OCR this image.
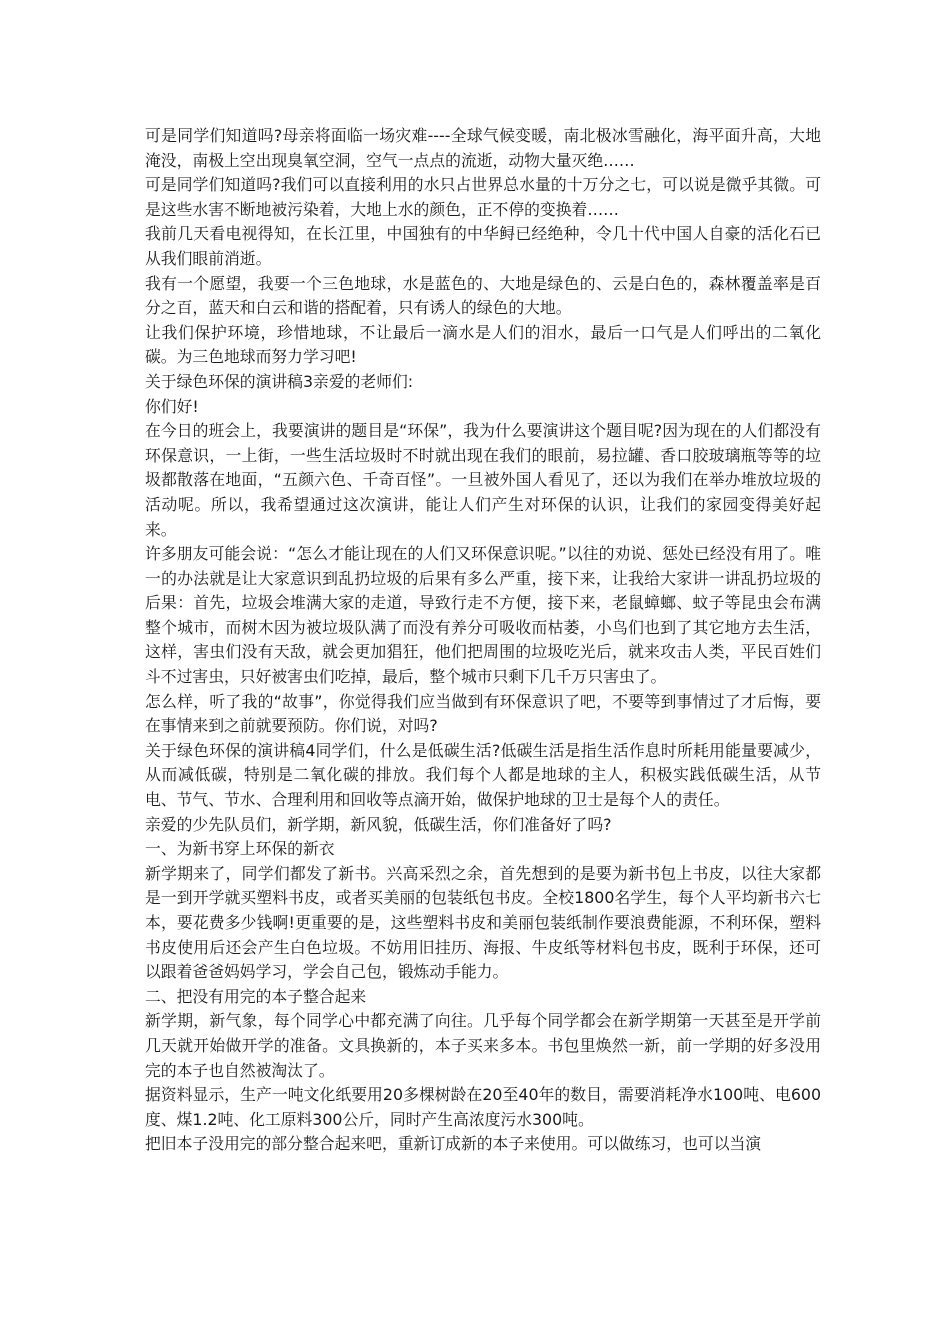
可是同学们知道吗?母亲将面临一场灾难----全球气候变暖，南北极冰雪融化，海平面升高，大地淹没，南极上空出现臭氧空洞，空气一点点的流逝，动物大量灭绝……

可是同学们知道吗?我们可以直接利用的水只占世界总水量的十万分之七，可以说是微乎其微。可是这些水害不断地被污染着，大地上水的颜色，正不停的变换着……

我前几天看电视得知，在长江里，中国独有的中华鲟已经绝种，令几十代中国人自豪的活化石已从我们眼前消逝。

我有一个愿望，我要一个三色地球，水是蓝色的、大地是绿色的、云是白色的，森林覆盖率是百分之百，蓝天和白云和谐的搭配着，只有诱人的绿色的大地。

让我们保护环境，珍惜地球，不让最后一滴水是人们的泪水，最后一口气是人们呼出的二氧化碳。为三色地球而努力学习吧!

关于绿色环保的演讲稿3亲爱的老师们:

你们好!

在今日的班会上，我要演讲的题目是“环保”，我为什么要演讲这个题目呢?因为现在的人们都没有环保意识，一上街，一些生活垃圾时不时就出现在我们的眼前，易拉罐、香口胶玻璃瓶等等的垃圾都散落在地面，“五颜六色、千奇百怪”。一旦被外国人看见了，还以为我们在举办堆放垃圾的活动呢。所以，我希望通过这次演讲，能让人们产生对环保的认识，让我们的家园变得美好起来。

许多朋友可能会说：“怎么才能让现在的人们又环保意识呢。”以往的劝说、惩处已经没有用了。唯一的办法就是让大家意识到乱扔垃圾的后果有多么严重，接下来，让我给大家讲一讲乱扔垃圾的后果：首先，垃圾会堆满大家的走道，导致行走不方便，接下来，老鼠蟑螂、蚊子等昆虫会布满整个城市，而树木因为被垃圾队满了而没有养分可吸收而枯萎，小鸟们也到了其它地方去生活，这样，害虫们没有天敌，就会更加猖狂，他们把周围的垃圾吃光后，就来攻击人类，平民百姓们斗不过害虫，只好被害虫们吃掉，最后，整个城市只剩下几千万只害虫了。

怎么样，听了我的“故事”，你觉得我们应当做到有环保意识了吧，不要等到事情过了才后悔，要在事情来到之前就要预防。你们说，对吗?

关于绿色环保的演讲稿4同学们，什么是低碳生活?低碳生活是指生活作息时所耗用能量要减少，从而减低碳，特别是二氧化碳的排放。我们每个人都是地球的主人，积极实践低碳生活，从节电、节气、节水、合理利用和回收等点滴开始，做保护地球的卫士是每个人的责任。

亲爱的少先队员们，新学期，新风貌，低碳生活，你们准备好了吗?

一、为新书穿上环保的新衣

新学期来了，同学们都发了新书。兴高采烈之余，首先想到的是要为新书包上书皮，以往大家都是一到开学就买塑料书皮，或者买美丽的包装纸包书皮。全校1800名学生，每个人平均新书六七本，要花费多少钱啊!更重要的是，这些塑料书皮和美丽包装纸制作要浪费能源，不利环保，塑料书皮使用后还会产生白色垃圾。不妨用旧挂历、海报、牛皮纸等材料包书皮，既利于环保，还可以跟着爸爸妈妈学习，学会自己包，锻炼动手能力。

二、把没有用完的本子整合起来

新学期，新气象，每个同学心中都充满了向往。几乎每个同学都会在新学期第一天甚至是开学前几天就开始做开学的准备。文具换新的，本子买来多本。书包里焕然一新，前一学期的好多没用完的本子也自然被淘汰了。

据资料显示，生产一吨文化纸要用20多棵树龄在20至40年的数目，需要消耗净水100吨、电600度、煤1.2吨、化工原料300公斤，同时产生高浓度污水300吨。

把旧本子没用完的部分整合起来吧，重新订成新的本子来使用。可以做练习，也可以当演
